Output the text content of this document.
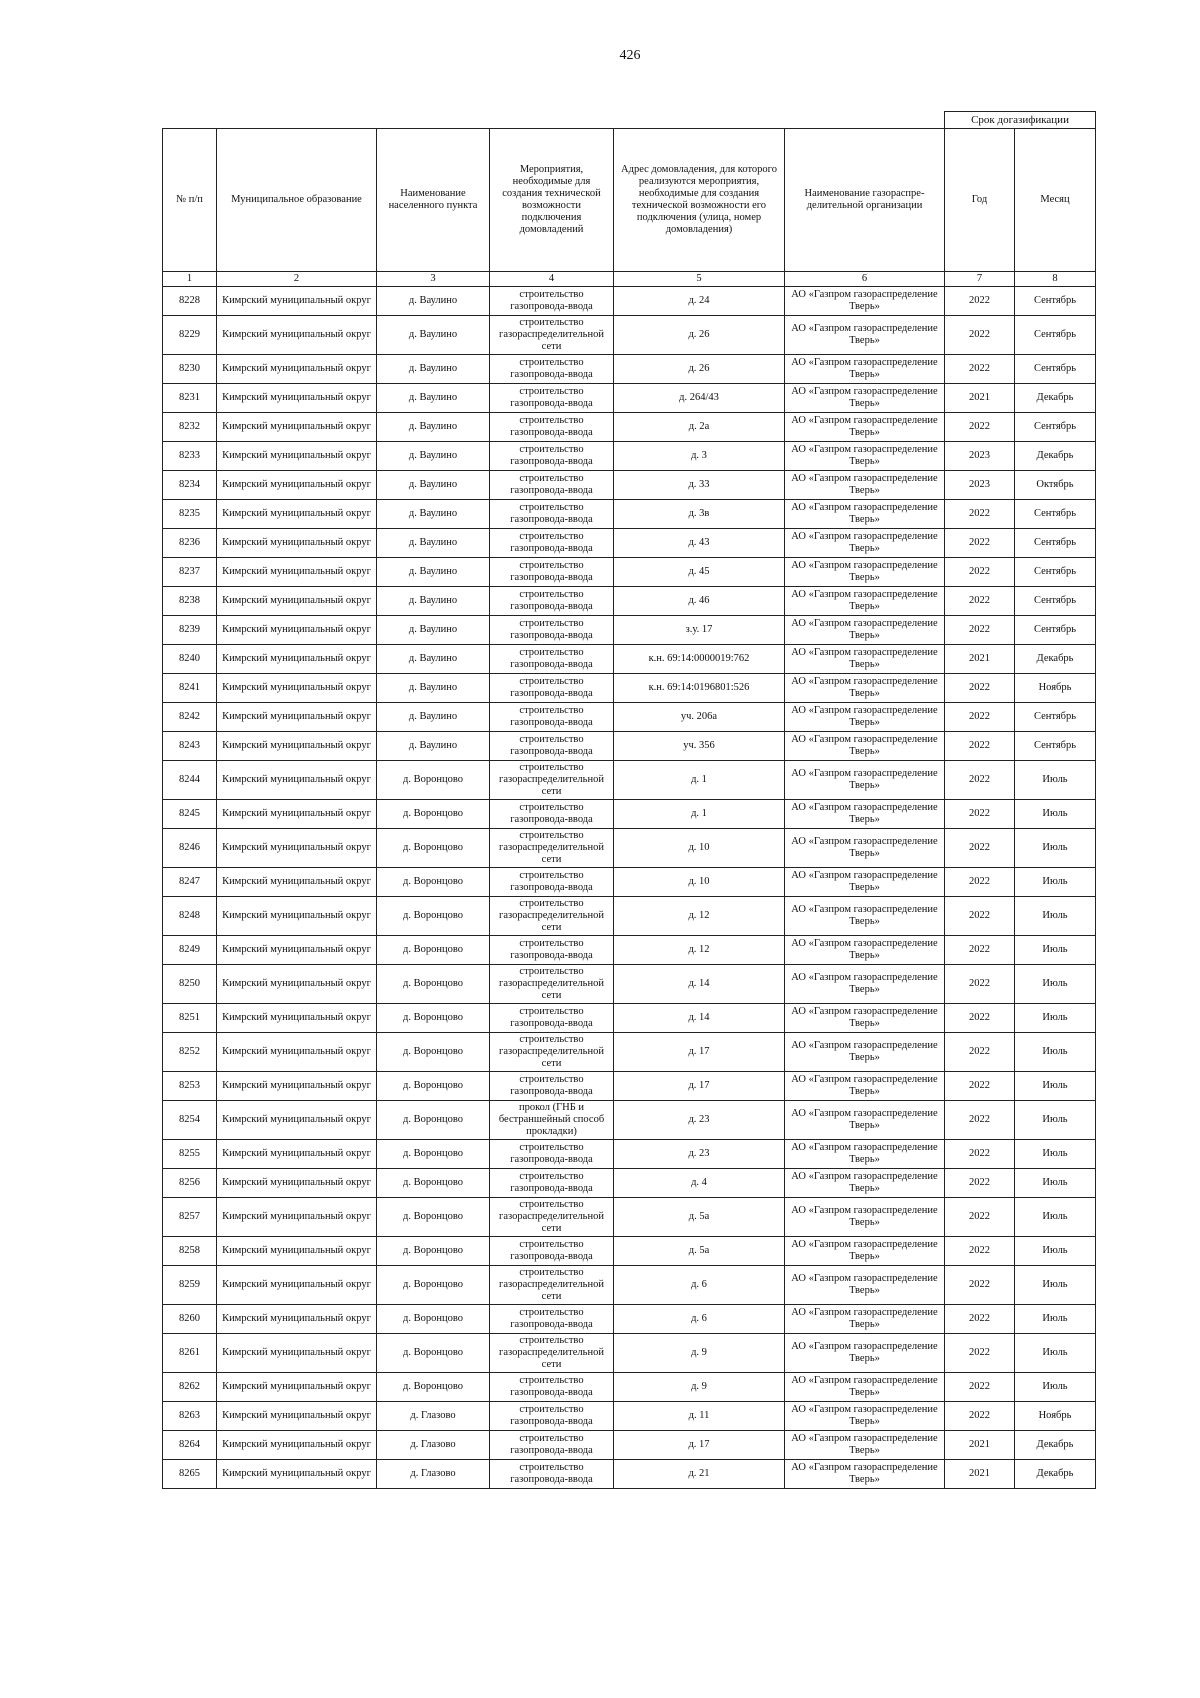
426
						Срок догазификации	
№ п/п	Муниципальное образование	Наименование населенного пункта	Мероприятия, необходимые для создания технической возможности подключения домовладений	Адрес домовладения, для которого реализуются мероприятия, необходимые для создания технической возможности его подключения (улица, номер домовладения)	Наименование газораспре- делительной организации	Год	Месяц
1	2	3	4	5	6	7	8
8228	Кимрский муниципальный округ	д. Ваулино	строительство газопровода-ввода	д. 24	АО «Газпром газораспределение Тверь»	2022	Сентябрь
8229	Кимрский муниципальный округ	д. Ваулино	строительство газораспределительной сети	д. 26	АО «Газпром газораспределение Тверь»	2022	Сентябрь
8230	Кимрский муниципальный округ	д. Ваулино	строительство газопровода-ввода	д. 26	АО «Газпром газораспределение Тверь»	2022	Сентябрь
8231	Кимрский муниципальный округ	д. Ваулино	строительство газопровода-ввода	д. 264/43	АО «Газпром газораспределение Тверь»	2021	Декабрь
8232	Кимрский муниципальный округ	д. Ваулино	строительство газопровода-ввода	д. 2а	АО «Газпром газораспределение Тверь»	2022	Сентябрь
8233	Кимрский муниципальный округ	д. Ваулино	строительство газопровода-ввода	д. 3	АО «Газпром газораспределение Тверь»	2023	Декабрь
8234	Кимрский муниципальный округ	д. Ваулино	строительство газопровода-ввода	д. 33	АО «Газпром газораспределение Тверь»	2023	Октябрь
8235	Кимрский муниципальный округ	д. Ваулино	строительство газопровода-ввода	д. 3в	АО «Газпром газораспределение Тверь»	2022	Сентябрь
8236	Кимрский муниципальный округ	д. Ваулино	строительство газопровода-ввода	д. 43	АО «Газпром газораспределение Тверь»	2022	Сентябрь
8237	Кимрский муниципальный округ	д. Ваулино	строительство газопровода-ввода	д. 45	АО «Газпром газораспределение Тверь»	2022	Сентябрь
8238	Кимрский муниципальный округ	д. Ваулино	строительство газопровода-ввода	д. 46	АО «Газпром газораспределение Тверь»	2022	Сентябрь
8239	Кимрский муниципальный округ	д. Ваулино	строительство газопровода-ввода	з.у. 17	АО «Газпром газораспределение Тверь»	2022	Сентябрь
8240	Кимрский муниципальный округ	д. Ваулино	строительство газопровода-ввода	к.н. 69:14:0000019:762	АО «Газпром газораспределение Тверь»	2021	Декабрь
8241	Кимрский муниципальный округ	д. Ваулино	строительство газопровода-ввода	к.н. 69:14:0196801:526	АО «Газпром газораспределение Тверь»	2022	Ноябрь
8242	Кимрский муниципальный округ	д. Ваулино	строительство газопровода-ввода	уч. 206а	АО «Газпром газораспределение Тверь»	2022	Сентябрь
8243	Кимрский муниципальный округ	д. Ваулино	строительство газопровода-ввода	уч. 356	АО «Газпром газораспределение Тверь»	2022	Сентябрь
8244	Кимрский муниципальный округ	д. Воронцово	строительство газораспределительной сети	д. 1	АО «Газпром газораспределение Тверь»	2022	Июль
8245	Кимрский муниципальный округ	д. Воронцово	строительство газопровода-ввода	д. 1	АО «Газпром газораспределение Тверь»	2022	Июль
8246	Кимрский муниципальный округ	д. Воронцово	строительство газораспределительной сети	д. 10	АО «Газпром газораспределение Тверь»	2022	Июль
8247	Кимрский муниципальный округ	д. Воронцово	строительство газопровода-ввода	д. 10	АО «Газпром газораспределение Тверь»	2022	Июль
8248	Кимрский муниципальный округ	д. Воронцово	строительство газораспределительной сети	д. 12	АО «Газпром газораспределение Тверь»	2022	Июль
8249	Кимрский муниципальный округ	д. Воронцово	строительство газопровода-ввода	д. 12	АО «Газпром газораспределение Тверь»	2022	Июль
8250	Кимрский муниципальный округ	д. Воронцово	строительство газораспределительной сети	д. 14	АО «Газпром газораспределение Тверь»	2022	Июль
8251	Кимрский муниципальный округ	д. Воронцово	строительство газопровода-ввода	д. 14	АО «Газпром газораспределение Тверь»	2022	Июль
8252	Кимрский муниципальный округ	д. Воронцово	строительство газораспределительной сети	д. 17	АО «Газпром газораспределение Тверь»	2022	Июль
8253	Кимрский муниципальный округ	д. Воронцово	строительство газопровода-ввода	д. 17	АО «Газпром газораспределение Тверь»	2022	Июль
8254	Кимрский муниципальный округ	д. Воронцово	прокол (ГНБ и бестраншейный способ прокладки)	д. 23	АО «Газпром газораспределение Тверь»	2022	Июль
8255	Кимрский муниципальный округ	д. Воронцово	строительство газопровода-ввода	д. 23	АО «Газпром газораспределение Тверь»	2022	Июль
8256	Кимрский муниципальный округ	д. Воронцово	строительство газопровода-ввода	д. 4	АО «Газпром газораспределение Тверь»	2022	Июль
8257	Кимрский муниципальный округ	д. Воронцово	строительство газораспределительной сети	д. 5а	АО «Газпром газораспределение Тверь»	2022	Июль
8258	Кимрский муниципальный округ	д. Воронцово	строительство газопровода-ввода	д. 5а	АО «Газпром газораспределение Тверь»	2022	Июль
8259	Кимрский муниципальный округ	д. Воронцово	строительство газораспределительной сети	д. 6	АО «Газпром газораспределение Тверь»	2022	Июль
8260	Кимрский муниципальный округ	д. Воронцово	строительство газопровода-ввода	д. 6	АО «Газпром газораспределение Тверь»	2022	Июль
8261	Кимрский муниципальный округ	д. Воронцово	строительство газораспределительной сети	д. 9	АО «Газпром газораспределение Тверь»	2022	Июль
8262	Кимрский муниципальный округ	д. Воронцово	строительство газопровода-ввода	д. 9	АО «Газпром газораспределение Тверь»	2022	Июль
8263	Кимрский муниципальный округ	д. Глазово	строительство газопровода-ввода	д. 11	АО «Газпром газораспределение Тверь»	2022	Ноябрь
8264	Кимрский муниципальный округ	д. Глазово	строительство газопровода-ввода	д. 17	АО «Газпром газораспределение Тверь»	2021	Декабрь
8265	Кимрский муниципальный округ	д. Глазово	строительство газопровода-ввода	д. 21	АО «Газпром газораспределение Тверь»	2021	Декабрь
